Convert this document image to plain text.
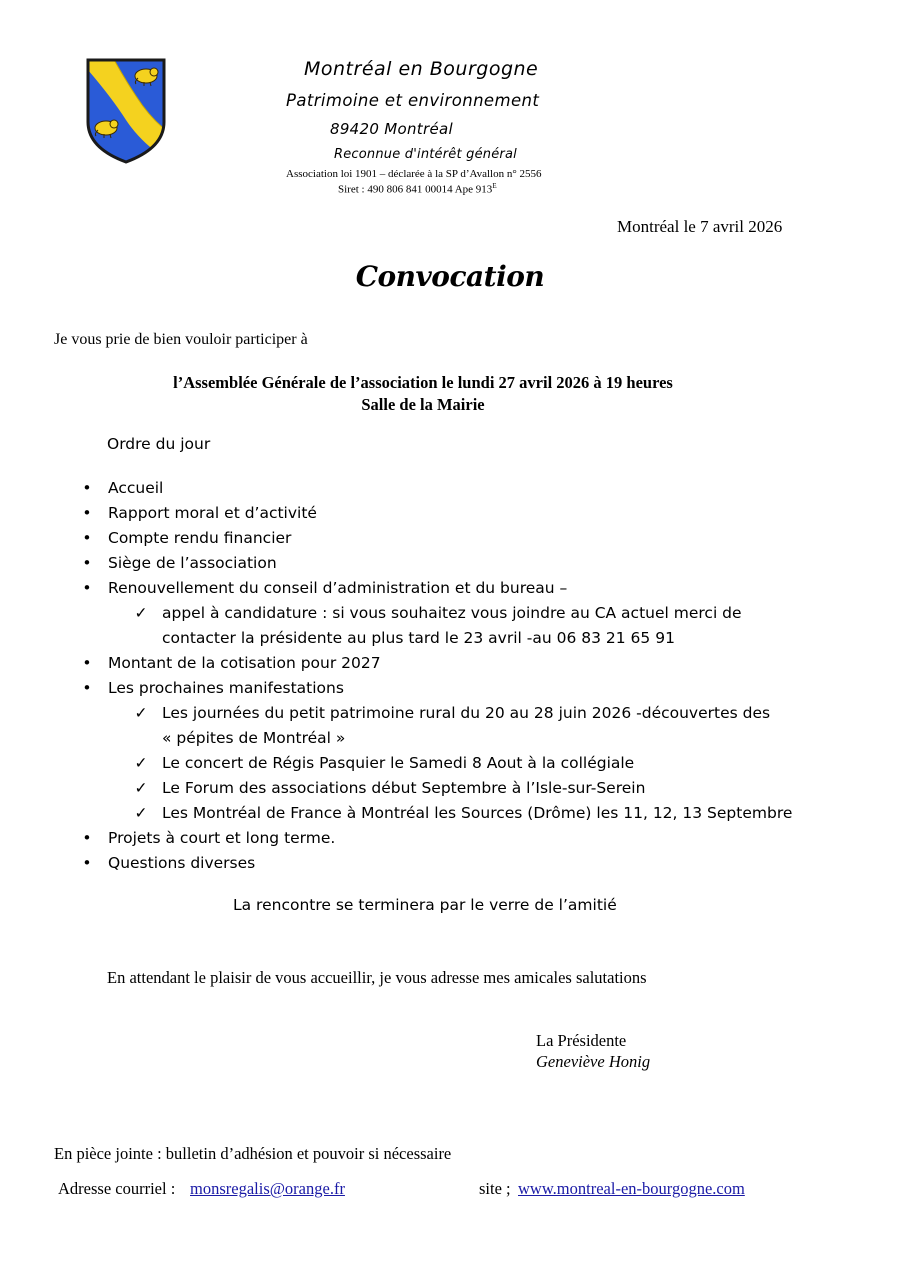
Montréal en Bourgogne
Patrimoine et environnement
89420 Montréal
Reconnue d'intérêt général
Association loi 1901 – déclarée à la SP d’Avallon n° 2556
Siret : 490 806 841 00014 Ape $913^E$
Montréal le 7 avril 2026
Convocation
Je vous prie de bien vouloir participer à
l’Assemblée Générale de l’association le lundi 27 avril 2026 à 19 heures
Salle de la Mairie
Ordre du jour
• Accueil
• Rapport moral et d’activité
• Compte rendu financier
• Siège de l’association
• Renouvellement du conseil d’administration et du bureau –
✓ appel à candidature : si vous souhaitez vous joindre au CA actuel merci de
contacter la présidente au plus tard le 23 avril -au 06 83 21 65 91
• Montant de la cotisation pour 2027
• Les prochaines manifestations
✓ Les journées du petit patrimoine rural du 20 au 28 juin 2026 -découvertes des
« pépites de Montréal »
✓ Le concert de Régis Pasquier le Samedi 8 Aout à la collégiale
✓ Le Forum des associations début Septembre à l’Isle-sur-Serein
✓ Les Montréal de France à Montréal les Sources (Drôme) les 11, 12, 13 Septembre
• Projets à court et long terme.
• Questions diverses
La rencontre se terminera par le verre de l’amitié
En attendant le plaisir de vous accueillir, je vous adresse mes amicales salutations
La Présidente
Geneviève Honig
En pièce jointe : bulletin d’adhésion et pouvoir si nécessaire
Adresse courriel : monsregalis@orange.fr	site ; www.montreal-en-bourgogne.com
